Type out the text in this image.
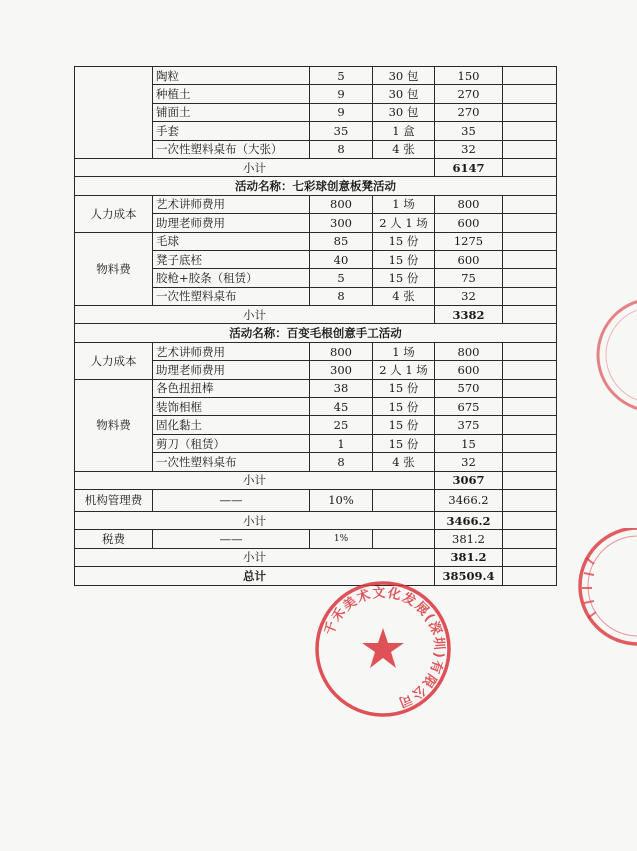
	陶粒	5	30 包	150	
	种植土	9	30 包	270	
	铺面土	9	30 包	270	
	手套	35	1 盒	35	
	一次性塑料桌布（大张）	8	4 张	32	
小计				6147	
活动名称：七彩球创意板凳活动					
人力成本	艺术讲师费用	800	1 场	800	
	助理老师费用	300	2 人 1 场	600	
物料费	毛球	85	15 份	1275	
	凳子底柸	40	15 份	600	
	胶枪+胶条（租赁）	5	15 份	75	
	一次性塑料桌布	8	4 张	32	
小计				3382	
活动名称：百变毛根创意手工活动					
人力成本	艺术讲师费用	800	1 场	800	
	助理老师费用	300	2 人 1 场	600	
物料费	各色扭扭棒	38	15 份	570	
	装饰相框	45	15 份	675	
	固化黏土	25	15 份	375	
	剪刀（租赁）	1	15 份	15	
	一次性塑料桌布	8	4 张	32	
小计				3067	
机构管理费	——	10%		3466.2	
小计				3466.2	
税费	——	1%		381.2	
小计				381.2	
总计				38509.4	
千禾美术文化发展(深圳)有限公司
